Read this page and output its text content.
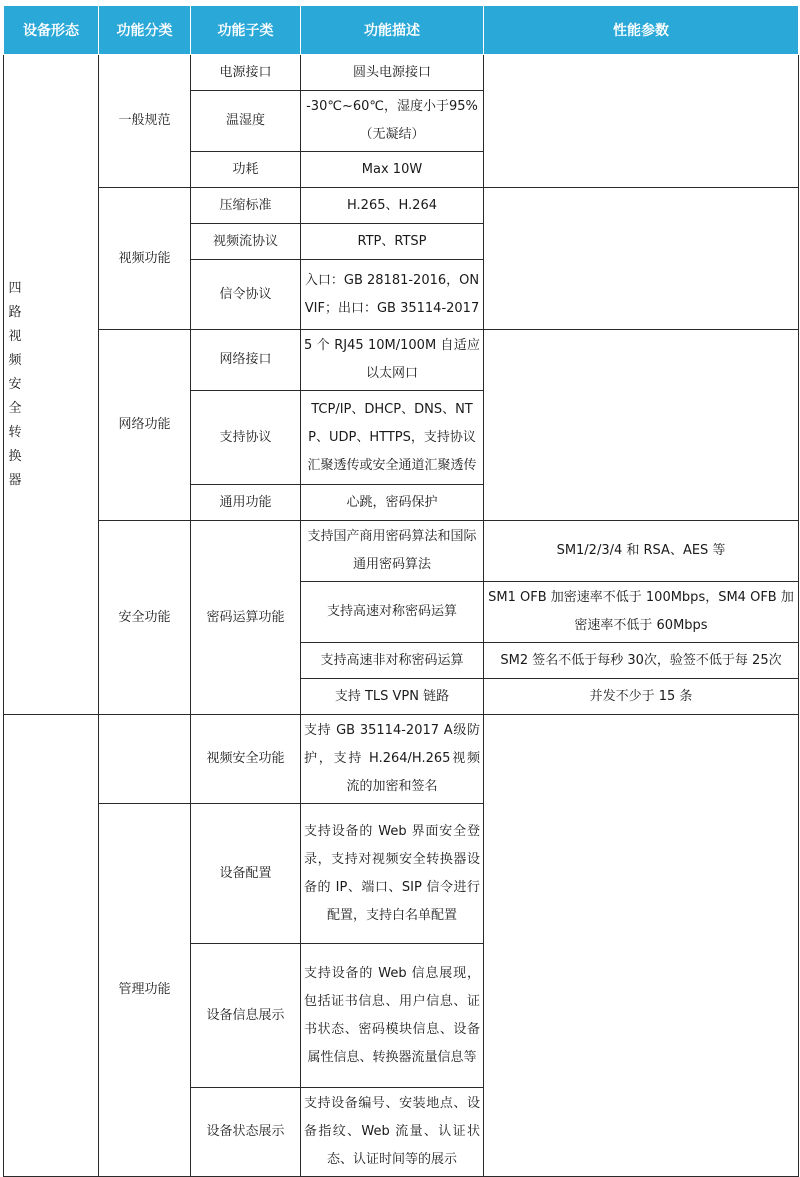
设备形态	功能分类	功能子类	功能描述	性能参数

四路视频安全转换器	一般规范	电源接口	圆头电源接口	
		温湿度	-30℃~60℃，湿度小于95%（无凝结）	
		功耗	Max 10W	
	视频功能	压缩标准	H.265、H.264	
		视频流协议	RTP、RTSP	
		信令协议	入口：GB 28181-2016，ONVIF；出口：GB 35114-2017	
	网络功能	网络接口	5 个 RJ45 10M/100M 自适应以太网口	
		支持协议	TCP/IP、DHCP、DNS、NTP、UDP、HTTPS，支持协议汇聚透传或安全通道汇聚透传	
		通用功能	心跳，密码保护	
	安全功能	密码运算功能	支持国产商用密码算法和国际通用密码算法	SM1/2/3/4 和 RSA、AES 等
			支持高速对称密码运算	SM1 OFB 加密速率不低于 100Mbps，SM4 OFB 加密速率不低于 60Mbps
			支持高速非对称密码运算	SM2 签名不低于每秒 30次，验签不低于每 25次
			支持 TLS VPN 链路	并发不少于 15 条
		视频安全功能	支持 GB 35114-2017 A级防护，支持 H.264/H.265视频流的加密和签名	
	管理功能	设备配置	支持设备的 Web 界面安全登录，支持对视频安全转换器设备的 IP、端口、SIP 信令进行配置，支持白名单配置	
		设备信息展示	支持设备的 Web 信息展现，包括证书信息、用户信息、证书状态、密码模块信息、设备属性信息、转换器流量信息等	
		设备状态展示	支持设备编号、安装地点、设备指纹、Web 流量、认证状态、认证时间等的展示	
